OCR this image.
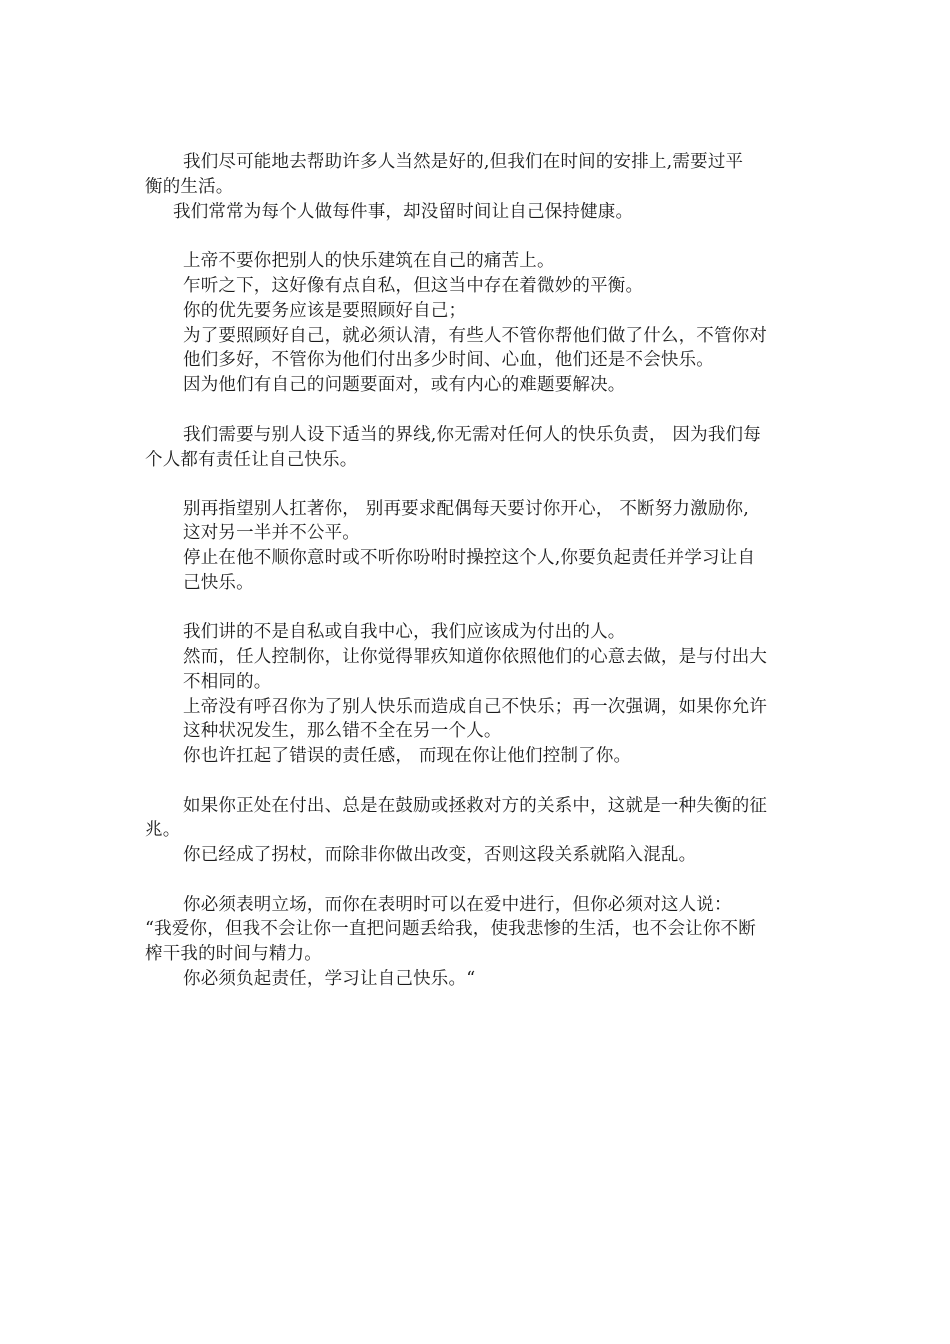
我们尽可能地去帮助许多人当然是好的,但我们在时间的安排上,需要过平
衡的生活。
我们常常为每个人做每件事，却没留时间让自己保持健康。
上帝不要你把别人的快乐建筑在自己的痛苦上。
乍听之下，这好像有点自私，但这当中存在着微妙的平衡。
你的优先要务应该是要照顾好自己；
为了要照顾好自己，就必须认清，有些人不管你帮他们做了什么，不管你对
他们多好，不管你为他们付出多少时间、心血，他们还是不会快乐。
因为他们有自己的问题要面对，或有内心的难题要解决。
我们需要与别人设下适当的界线,你无需对任何人的快乐负责， 因为我们每
个人都有责任让自己快乐。
别再指望别人扛著你， 别再要求配偶每天要讨你开心， 不断努力激励你,
这对另一半并不公平。
停止在他不顺你意时或不听你吩咐时操控这个人,你要负起责任并学习让自
己快乐。
我们讲的不是自私或自我中心，我们应该成为付出的人。
然而，任人控制你，让你觉得罪疚知道你依照他们的心意去做，是与付出大
不相同的。
上帝没有呼召你为了别人快乐而造成自己不快乐；再一次强调，如果你允许
这种状况发生，那么错不全在另一个人。
你也许扛起了错误的责任感， 而现在你让他们控制了你。
如果你正处在付出、总是在鼓励或拯救对方的关系中，这就是一种失衡的征
兆。
你已经成了拐杖，而除非你做出改变，否则这段关系就陷入混乱。
你必须表明立场，而你在表明时可以在爱中进行，但你必须对这人说：
“我爱你，但我不会让你一直把问题丢给我，使我悲惨的生活，也不会让你不断
榨干我的时间与精力。
你必须负起责任，学习让自己快乐。“
